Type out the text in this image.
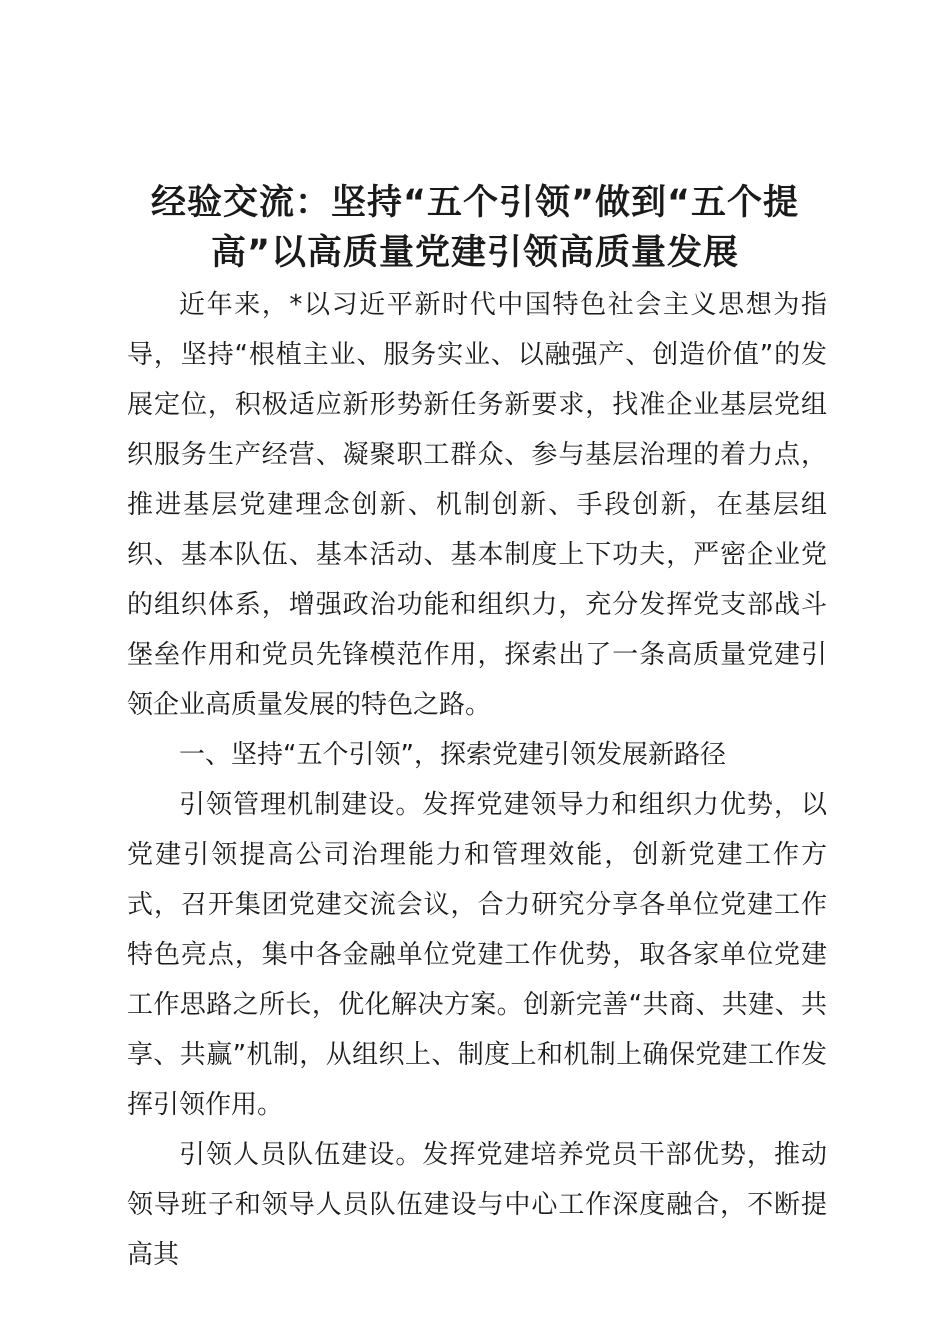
经验交流：坚持“五个引领”做到“五个提高”以高质量党建引领高质量发展

近年来，*以习近平新时代中国特色社会主义思想为指导，坚持“根植主业、服务实业、以融强产、创造价值”的发展定位，积极适应新形势新任务新要求，找准企业基层党组织服务生产经营、凝聚职工群众、参与基层治理的着力点，推进基层党建理念创新、机制创新、手段创新，在基层组织、基本队伍、基本活动、基本制度上下功夫，严密企业党的组织体系，增强政治功能和组织力，充分发挥党支部战斗堡垒作用和党员先锋模范作用，探索出了一条高质量党建引领企业高质量发展的特色之路。

一、坚持“五个引领”，探索党建引领发展新路径

引领管理机制建设。发挥党建领导力和组织力优势，以党建引领提高公司治理能力和管理效能，创新党建工作方式，召开集团党建交流会议，合力研究分享各单位党建工作特色亮点，集中各金融单位党建工作优势，取各家单位党建工作思路之所长，优化解决方案。创新完善“共商、共建、共享、共赢”机制，从组织上、制度上和机制上确保党建工作发挥引领作用。

引领人员队伍建设。发挥党建培养党员干部优势，推动领导班子和领导人员队伍建设与中心工作深度融合，不断提高其
